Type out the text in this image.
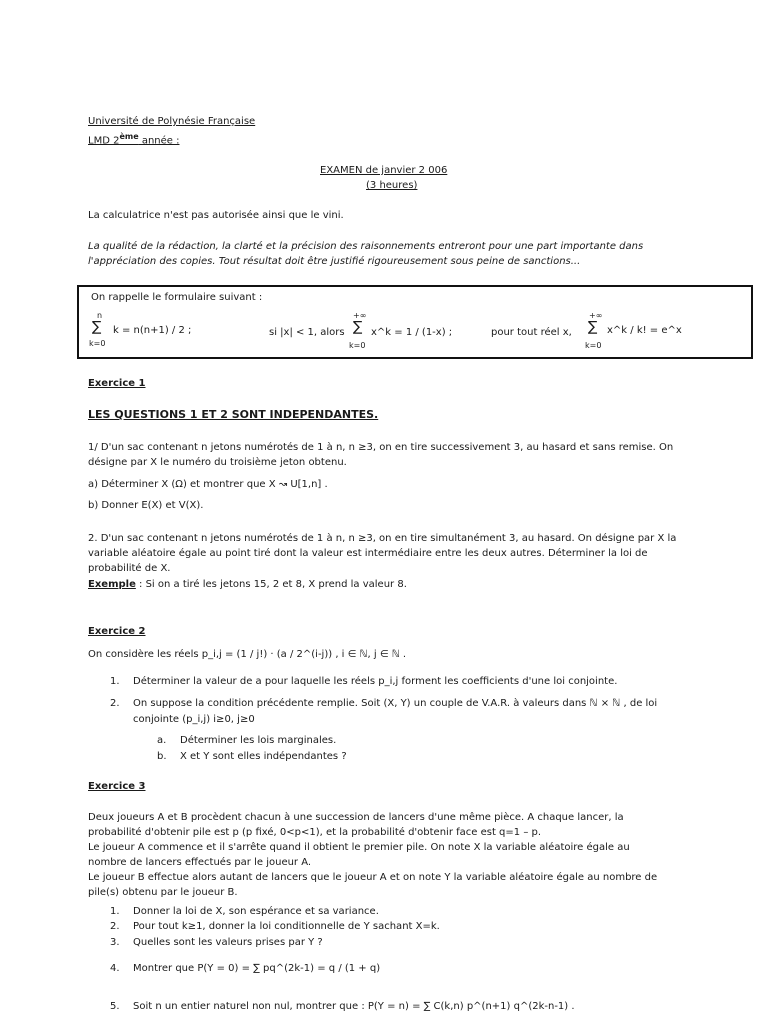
Université de Polynésie Française
LMD 2ème année :
EXAMEN de janvier 2 006
(3 heures)
La calculatrice n'est pas autorisée ainsi que le vini.
La qualité de la rédaction, la clarté et la précision des raisonnements entreront pour une part importante dans
l'appréciation des copies. Tout résultat doit être justifié rigoureusement sous peine de sanctions...
On rappelle le formulaire suivant :
n
∑
k=0
k = n(n+1) / 2 ;	si |x| < 1, alors
+∞
∑
k=0
x^k = 1 / (1-x) ;	pour tout réel x,
+∞
∑
k=0
x^k / k! = e^x
Exercice 1
LES QUESTIONS 1 ET 2 SONT INDEPENDANTES.
1/ D'un sac contenant n jetons numérotés de 1 à n, n ≥3, on en tire successivement 3, au hasard et sans remise. On
désigne par X le numéro du troisième jeton obtenu.
a) Déterminer X (Ω) et montrer que X ↝ U[1,n] .
b) Donner E(X) et V(X).
2. D'un sac contenant n jetons numérotés de 1 à n, n ≥3, on en tire simultanément 3, au hasard. On désigne par X la
variable aléatoire égale au point tiré dont la valeur est intermédiaire entre les deux autres. Déterminer la loi de
probabilité de X.
Exemple : Si on a tiré les jetons 15, 2 et 8, X prend la valeur 8.
Exercice 2
On considère les réels p_i,j = (1 / j!) · (a / 2^(i-j)) , i ∈ ℕ, j ∈ ℕ .
1. Déterminer la valeur de a pour laquelle les réels p_i,j forment les coefficients d'une loi conjointe.
2. On suppose la condition précédente remplie. Soit (X, Y) un couple de V.A.R. à valeurs dans ℕ × ℕ , de loi
conjointe (p_i,j) i≥0, j≥0
a. Déterminer les lois marginales.
b. X et Y sont elles indépendantes ?
Exercice 3
Deux joueurs A et B procèdent chacun à une succession de lancers d'une même pièce. A chaque lancer, la
probabilité d'obtenir pile est p (p fixé, 0<p<1), et la probabilité d'obtenir face est q=1 – p.
Le joueur A commence et il s'arrête quand il obtient le premier pile. On note X la variable aléatoire égale au
nombre de lancers effectués par le joueur A.
Le joueur B effectue alors autant de lancers que le joueur A et on note Y la variable aléatoire égale au nombre de
pile(s) obtenu par le joueur B.
1. Donner la loi de X, son espérance et sa variance.
2. Pour tout k≥1, donner la loi conditionnelle de Y sachant X=k.
3. Quelles sont les valeurs prises par Y ?
4. Montrer que P(Y = 0) = ∑ pq^(2k-1) = q / (1 + q)
5. Soit n un entier naturel non nul, montrer que : P(Y = n) = ∑ C(k,n) p^(n+1) q^(2k-n-1) .
